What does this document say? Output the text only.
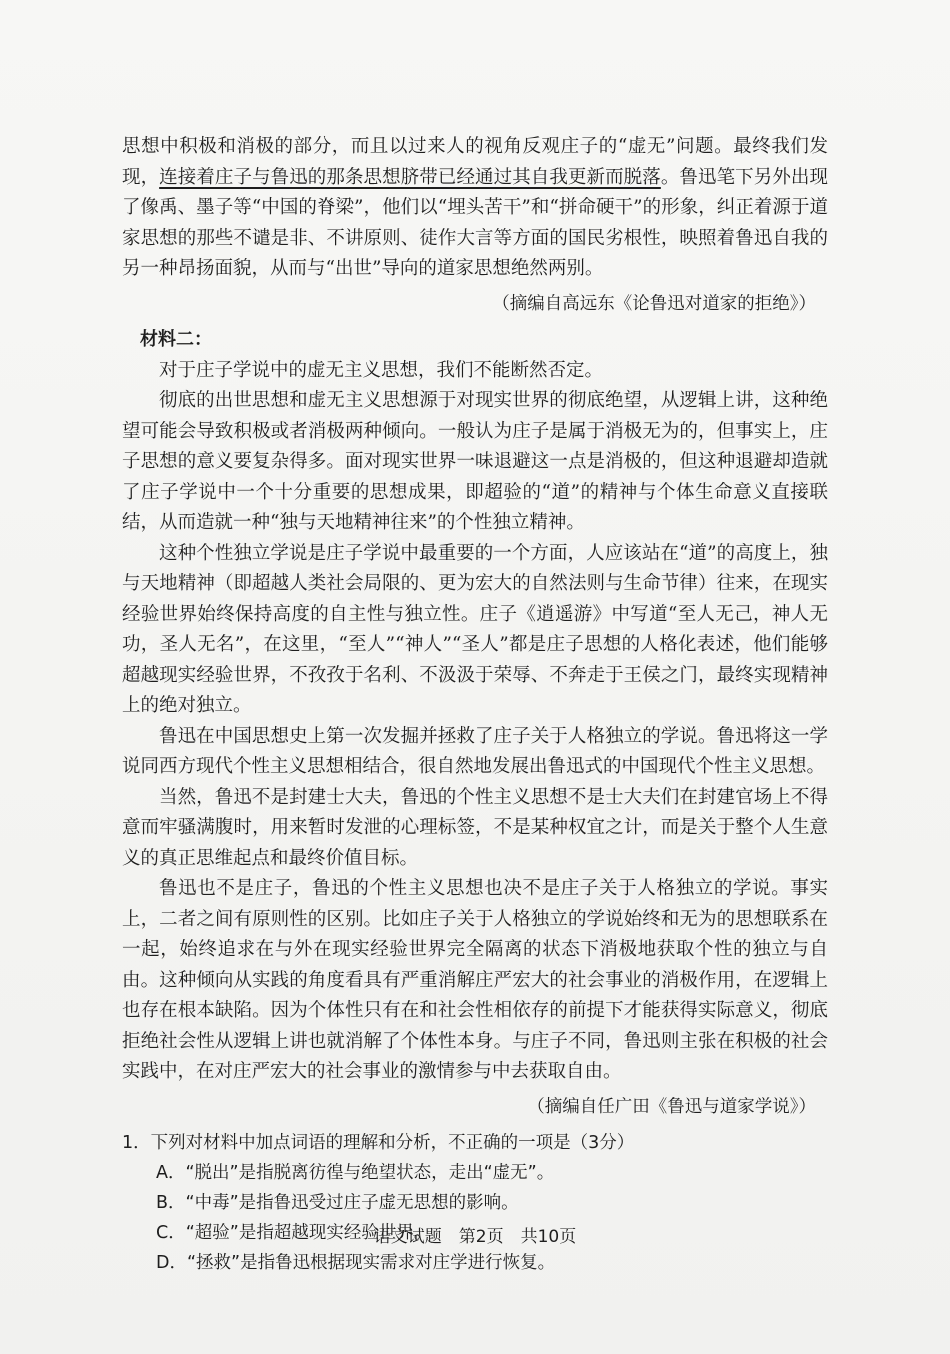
思想中积极和消极的部分，而且以过来人的视角反观庄子的“虚无”问题。最终我们发现，连接着庄子与鲁迅的那条思想脐带已经通过其自我更新而脱落。鲁迅笔下另外出现了像禹、墨子等“中国的脊梁”，他们以“埋头苦干”和“拼命硬干”的形象，纠正着源于道家思想的那些不谴是非、不讲原则、徒作大言等方面的国民劣根性，映照着鲁迅自我的另一种昂扬面貌，从而与“出世”导向的道家思想绝然两别。

（摘编自高远东《论鲁迅对道家的拒绝》）

材料二：

对于庄子学说中的虚无主义思想，我们不能断然否定。

彻底的出世思想和虚无主义思想源于对现实世界的彻底绝望，从逻辑上讲，这种绝望可能会导致积极或者消极两种倾向。一般认为庄子是属于消极无为的，但事实上，庄子思想的意义要复杂得多。面对现实世界一味退避这一点是消极的，但这种退避却造就了庄子学说中一个十分重要的思想成果，即超验的“道”的精神与个体生命意义直接联结，从而造就一种“独与天地精神往来”的个性独立精神。

这种个性独立学说是庄子学说中最重要的一个方面，人应该站在“道”的高度上，独与天地精神（即超越人类社会局限的、更为宏大的自然法则与生命节律）往来，在现实经验世界始终保持高度的自主性与独立性。庄子《逍遥游》中写道“至人无己，神人无功，圣人无名”，在这里，“至人”“神人”“圣人”都是庄子思想的人格化表述，他们能够超越现实经验世界，不孜孜于名利、不汲汲于荣辱、不奔走于王侯之门，最终实现精神上的绝对独立。

鲁迅在中国思想史上第一次发掘并拯救了庄子关于人格独立的学说。鲁迅将这一学说同西方现代个性主义思想相结合，很自然地发展出鲁迅式的中国现代个性主义思想。

当然，鲁迅不是封建士大夫，鲁迅的个性主义思想不是士大夫们在封建官场上不得意而牢骚满腹时，用来暂时发泄的心理标签，不是某种权宜之计，而是关于整个人生意义的真正思维起点和最终价值目标。

鲁迅也不是庄子，鲁迅的个性主义思想也决不是庄子关于人格独立的学说。事实上，二者之间有原则性的区别。比如庄子关于人格独立的学说始终和无为的思想联系在一起，始终追求在与外在现实经验世界完全隔离的状态下消极地获取个性的独立与自由。这种倾向从实践的角度看具有严重消解庄严宏大的社会事业的消极作用，在逻辑上也存在根本缺陷。因为个体性只有在和社会性相依存的前提下才能获得实际意义，彻底拒绝社会性从逻辑上讲也就消解了个体性本身。与庄子不同，鲁迅则主张在积极的社会实践中，在对庄严宏大的社会事业的激情参与中去获取自由。

（摘编自任广田《鲁迅与道家学说》）

1．下列对材料中加点词语的理解和分析，不正确的一项是（3分）

A．“脱出”是指脱离彷徨与绝望状态，走出“虚无”。

B．“中毒”是指鲁迅受过庄子虚无思想的影响。

C．“超验”是指超越现实经验世界。

D．“拯救”是指鲁迅根据现实需求对庄学进行恢复。

语文试题　第2页　共10页
